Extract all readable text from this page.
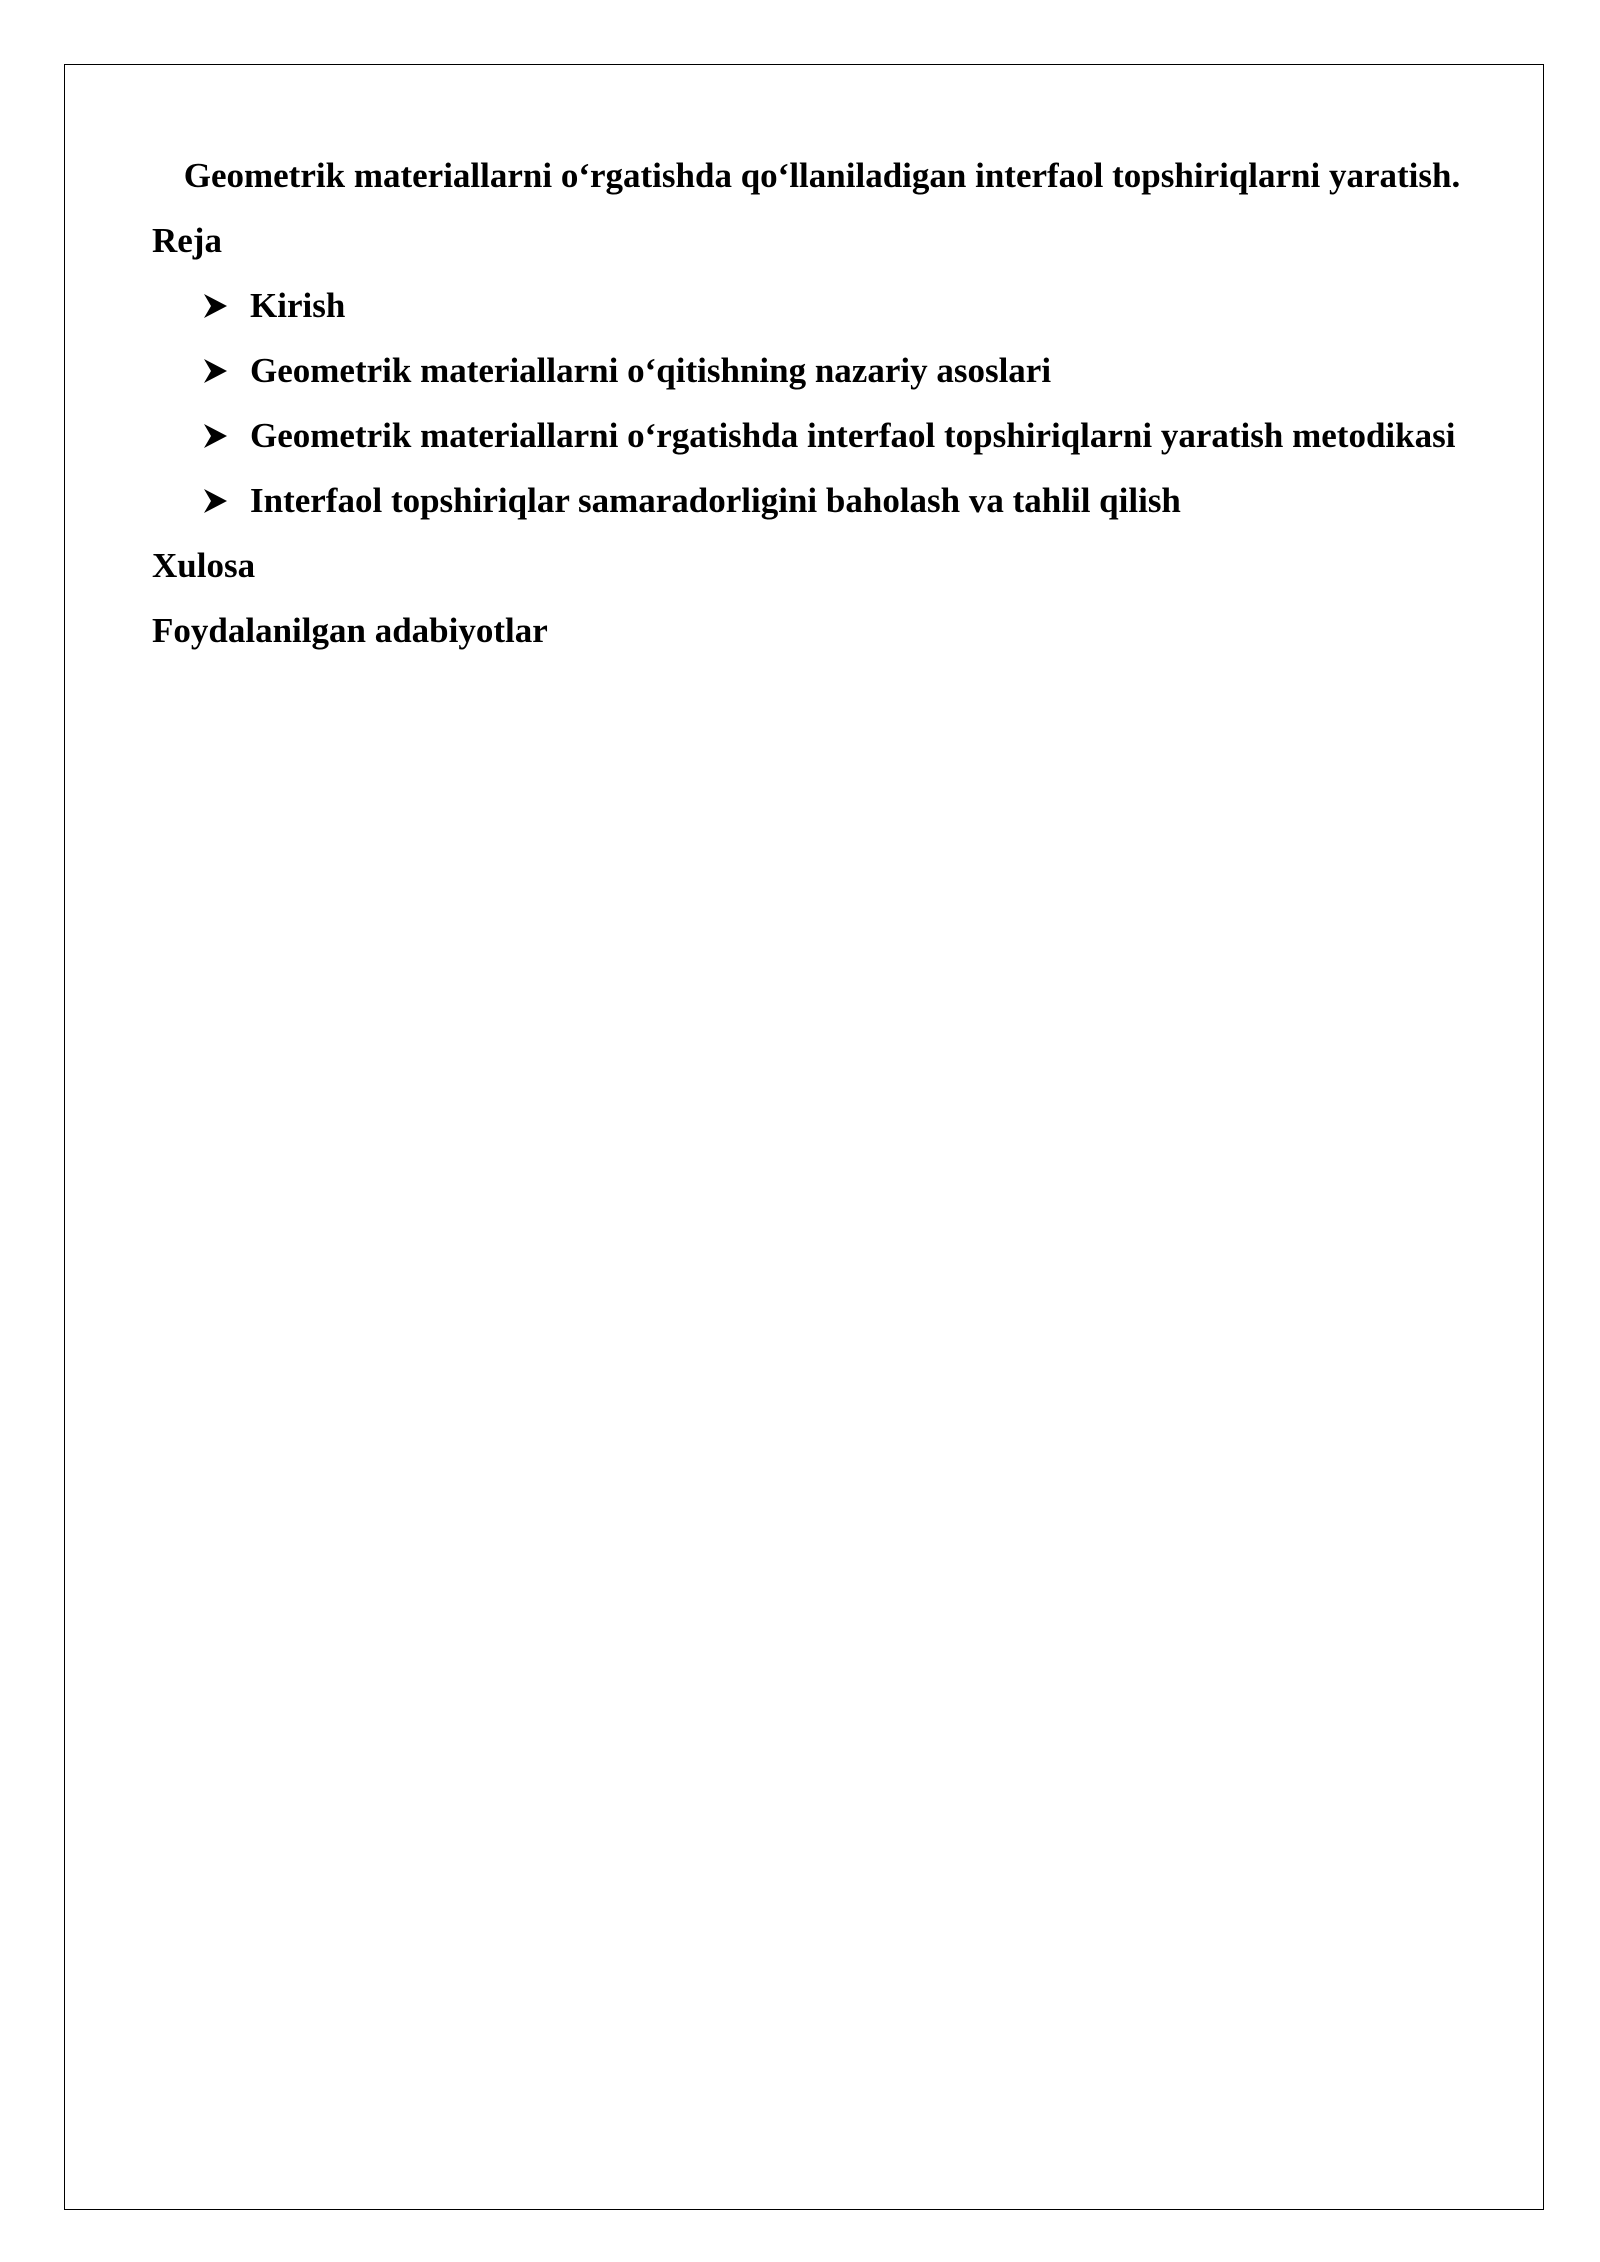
Geometrik materiallarni o‘rgatishda qo‘llaniladigan interfaol topshiriqlarni yaratish.
Reja
Kirish
Geometrik materiallarni o‘qitishning nazariy asoslari
Geometrik materiallarni o‘rgatishda interfaol topshiriqlarni yaratish metodikasi
Interfaol topshiriqlar samaradorligini baholash va tahlil qilish
Xulosa
Foydalanilgan adabiyotlar
